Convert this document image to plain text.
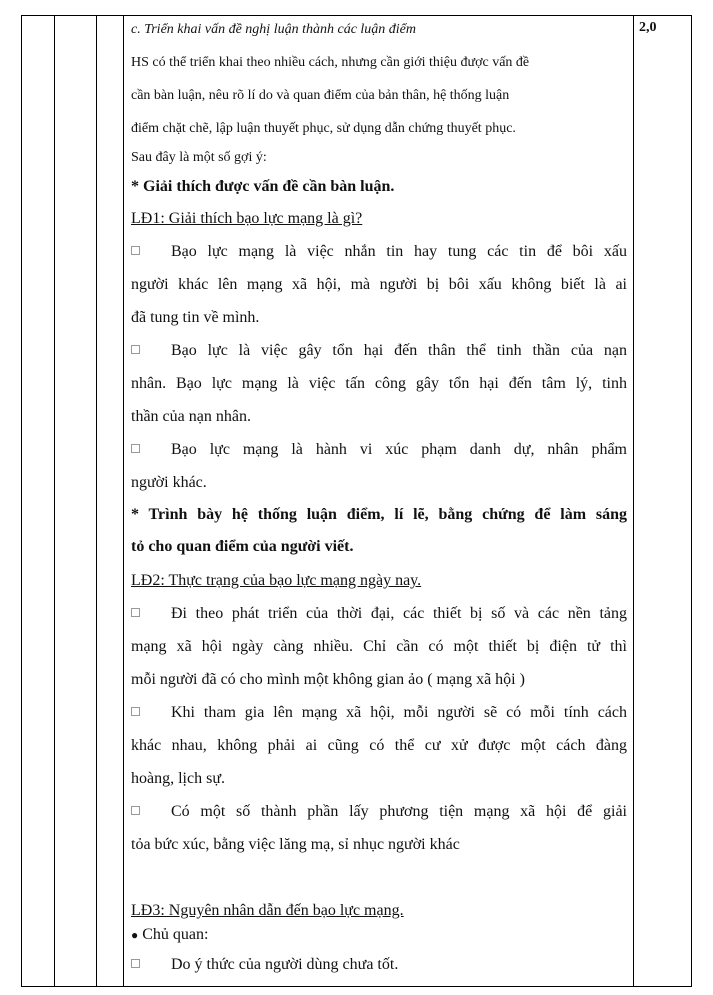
2,0
c. Triển khai vấn đề nghị luận thành các luận điểm
HS có thể triển khai theo nhiều cách, nhưng cần giới thiệu được vấn đề
cần bàn luận, nêu rõ lí do và quan điểm của bản thân, hệ thống luận
điểm chặt chẽ, lập luận thuyết phục, sử dụng dẫn chứng thuyết phục.
Sau đây là một số gợi ý:
* Giải thích được vấn đề cần bàn luận.
LĐ1: Giải thích bạo lực mạng là gì?
Bạo lực mạng là việc nhắn tin hay tung các tin để bôi xấu
người khác lên mạng xã hội, mà người bị bôi xấu không biết là ai
đã tung tin về mình.
Bạo lực là việc gây tổn hại đến thân thể tinh thần của nạn
nhân. Bạo lực mạng là việc tấn công gây tổn hại đến tâm lý, tinh
thần của nạn nhân.
Bạo lực mạng là hành vi xúc phạm danh dự, nhân phẩm
người khác.
* Trình bày hệ thống luận điểm, lí lẽ, bằng chứng để làm sáng
tỏ cho quan điểm của người viết.
LĐ2: Thực trạng của bạo lực mạng ngày nay.
Đi theo phát triển của thời đại, các thiết bị số và các nền tảng
mạng xã hội ngày càng nhiều. Chỉ cần có một thiết bị điện tử thì
mỗi người đã có cho mình một không gian ảo ( mạng xã hội )
Khi tham gia lên mạng xã hội, mỗi người sẽ có mỗi tính cách
khác nhau, không phải ai cũng có thể cư xử được một cách đàng
hoàng, lịch sự.
Có một số thành phần lấy phương tiện mạng xã hội để giải
tỏa bức xúc, bằng việc lăng mạ, sỉ nhục người khác
LĐ3: Nguyên nhân dẫn đến bạo lực mạng.
● Chủ quan:
Do ý thức của người dùng chưa tốt.
